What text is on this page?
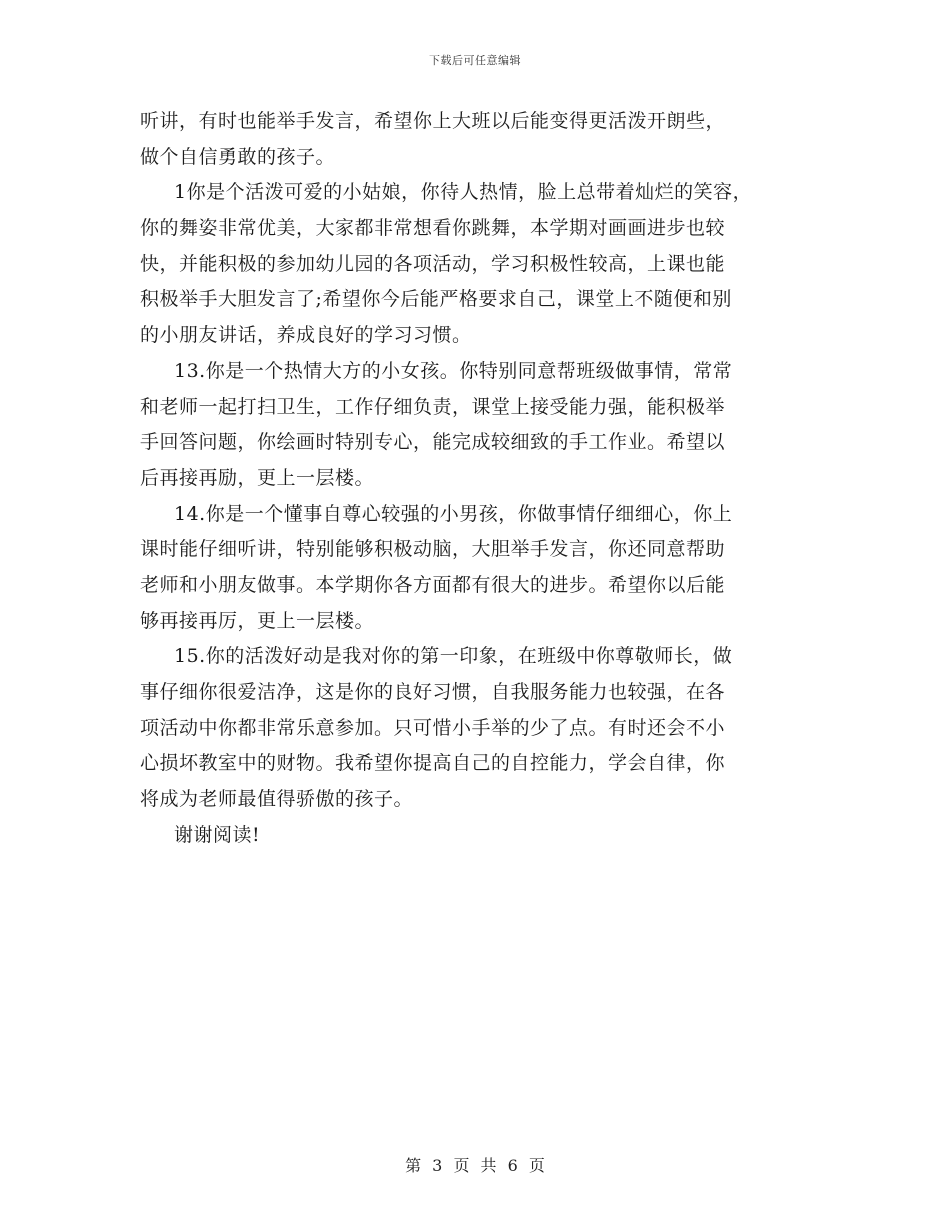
下载后可任意编辑
听讲，有时也能举手发言，希望你上大班以后能变得更活泼开朗些，
做个自信勇敢的孩子。
1你是个活泼可爱的小姑娘，你待人热情，脸上总带着灿烂的笑容，
你的舞姿非常优美，大家都非常想看你跳舞，本学期对画画进步也较
快，并能积极的参加幼儿园的各项活动，学习积极性较高，上课也能
积极举手大胆发言了;希望你今后能严格要求自己，课堂上不随便和别
的小朋友讲话，养成良好的学习习惯。
13.你是一个热情大方的小女孩。你特别同意帮班级做事情，常常
和老师一起打扫卫生，工作仔细负责，课堂上接受能力强，能积极举
手回答问题，你绘画时特别专心，能完成较细致的手工作业。希望以
后再接再励，更上一层楼。
14.你是一个懂事自尊心较强的小男孩，你做事情仔细细心，你上
课时能仔细听讲，特别能够积极动脑，大胆举手发言，你还同意帮助
老师和小朋友做事。本学期你各方面都有很大的进步。希望你以后能
够再接再厉，更上一层楼。
15.你的活泼好动是我对你的第一印象，在班级中你尊敬师长，做
事仔细你很爱洁净，这是你的良好习惯，自我服务能力也较强，在各
项活动中你都非常乐意参加。只可惜小手举的少了点。有时还会不小
心损坏教室中的财物。我希望你提高自己的自控能力，学会自律，你
将成为老师最值得骄傲的孩子。
谢谢阅读!
第 3 页 共 6 页
